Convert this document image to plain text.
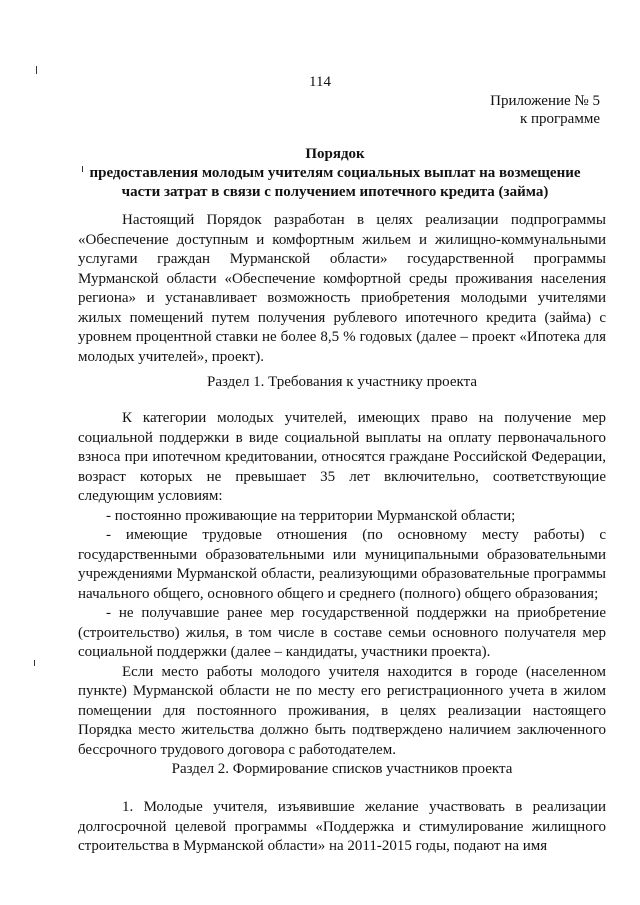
114
Приложение № 5
к программе
Порядок
предоставления молодым учителям социальных выплат на возмещение
части затрат в связи с получением ипотечного кредита (займа)

Настоящий Порядок разработан в целях реализации подпрограммы «Обеспечение доступным и комфортным жильем и жилищно-коммунальными услугами граждан Мурманской области» государственной программы Мурманской области «Обеспечение комфортной среды проживания населения региона» и устанавливает возможность приобретения молодыми учителями жилых помещений путем получения рублевого ипотечного кредита (займа) с уровнем процентной ставки не более 8,5 % годовых (далее – проект «Ипотека для молодых учителей», проект).

Раздел 1. Требования к участнику проекта

К категории молодых учителей, имеющих право на получение мер социальной поддержки в виде социальной выплаты на оплату первоначального взноса при ипотечном кредитовании, относятся граждане Российской Федерации, возраст которых не превышает 35 лет включительно, соответствующие следующим условиям:

- постоянно проживающие на территории Мурманской области;

- имеющие трудовые отношения (по основному месту работы) с государственными образовательными или муниципальными образовательными учреждениями Мурманской области, реализующими образовательные программы начального общего, основного общего и среднего (полного) общего образования;

- не получавшие ранее мер государственной поддержки на приобретение (строительство) жилья, в том числе в составе семьи основного получателя мер социальной поддержки (далее – кандидаты, участники проекта).

Если место работы молодого учителя находится в городе (населенном пункте) Мурманской области не по месту его регистрационного учета в жилом помещении для постоянного проживания, в целях реализации настоящего Порядка место жительства должно быть подтверждено наличием заключенного бессрочного трудового договора с работодателем.

Раздел 2. Формирование списков участников проекта

1. Молодые учителя, изъявившие желание участвовать в реализации долгосрочной целевой программы «Поддержка и стимулирование жилищного строительства в Мурманской области» на 2011-2015 годы, подают на имя
